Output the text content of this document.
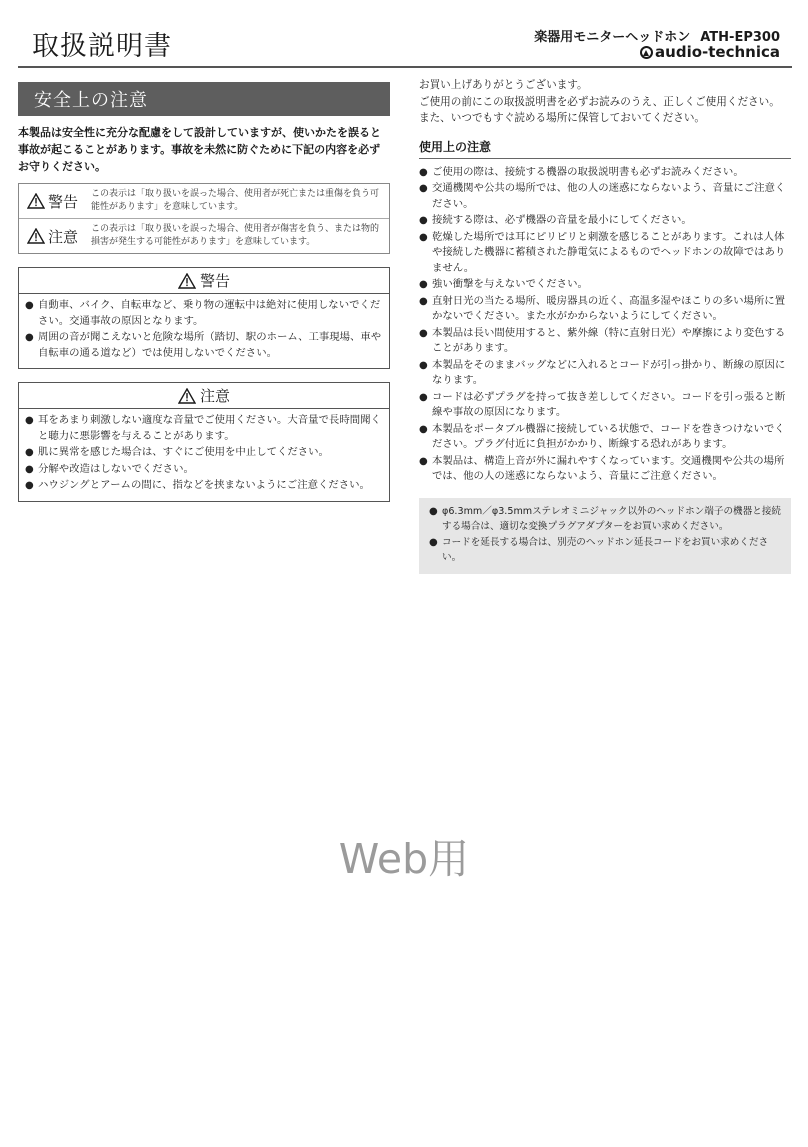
取扱説明書	楽器用モニターヘッドホン ATH-EP300
audio-technica
安全上の注意
本製品は安全性に充分な配慮をして設計していますが、使いかたを誤ると事故が起こることがあります。事故を未然に防ぐために下記の内容を必ずお守りください。
警告 この表示は「取り扱いを誤った場合、使用者が死亡または重傷を負う可能性があります」を意味しています。
注意 この表示は「取り扱いを誤った場合、使用者が傷害を負う、または物的損害が発生する可能性があります」を意味しています。
警告
● 自動車、バイク、自転車など、乗り物の運転中は絶対に使用しないでください。交通事故の原因となります。
● 周囲の音が聞こえないと危険な場所（踏切、駅のホーム、工事現場、車や自転車の通る道など）では使用しないでください。
注意
● 耳をあまり刺激しない適度な音量でご使用ください。大音量で長時間聞くと聴力に悪影響を与えることがあります。
● 肌に異常を感じた場合は、すぐにご使用を中止してください。
● 分解や改造はしないでください。
● ハウジングとアームの間に、指などを挟まないようにご注意ください。
お買い上げありがとうございます。
ご使用の前にこの取扱説明書を必ずお読みのうえ、正しくご使用ください。
また、いつでもすぐ読める場所に保管しておいてください。
使用上の注意
● ご使用の際は、接続する機器の取扱説明書も必ずお読みください。
● 交通機関や公共の場所では、他の人の迷惑にならないよう、音量にご注意ください。
● 接続する際は、必ず機器の音量を最小にしてください。
● 乾燥した場所では耳にピリピリと刺激を感じることがあります。これは人体や接続した機器に蓄積された静電気によるものでヘッドホンの故障ではありません。
● 強い衝撃を与えないでください。
● 直射日光の当たる場所、暖房器具の近く、高温多湿やほこりの多い場所に置かないでください。また水がかからないようにしてください。
● 本製品は長い間使用すると、紫外線（特に直射日光）や摩擦により変色することがあります。
● 本製品をそのままバッグなどに入れるとコードが引っ掛かり、断線の原因になります。
● コードは必ずプラグを持って抜き差ししてください。コードを引っ張ると断線や事故の原因になります。
● 本製品をポータブル機器に接続している状態で、コードを巻きつけないでください。プラグ付近に負担がかかり、断線する恐れがあります。
● 本製品は、構造上音が外に漏れやすくなっています。交通機関や公共の場所では、他の人の迷惑にならないよう、音量にご注意ください。
● φ6.3mm／φ3.5mmステレオミニジャック以外のヘッドホン端子の機器と接続する場合は、適切な変換プラグアダプターをお買い求めください。
● コードを延長する場合は、別売のヘッドホン延長コードをお買い求めください。
Web用
